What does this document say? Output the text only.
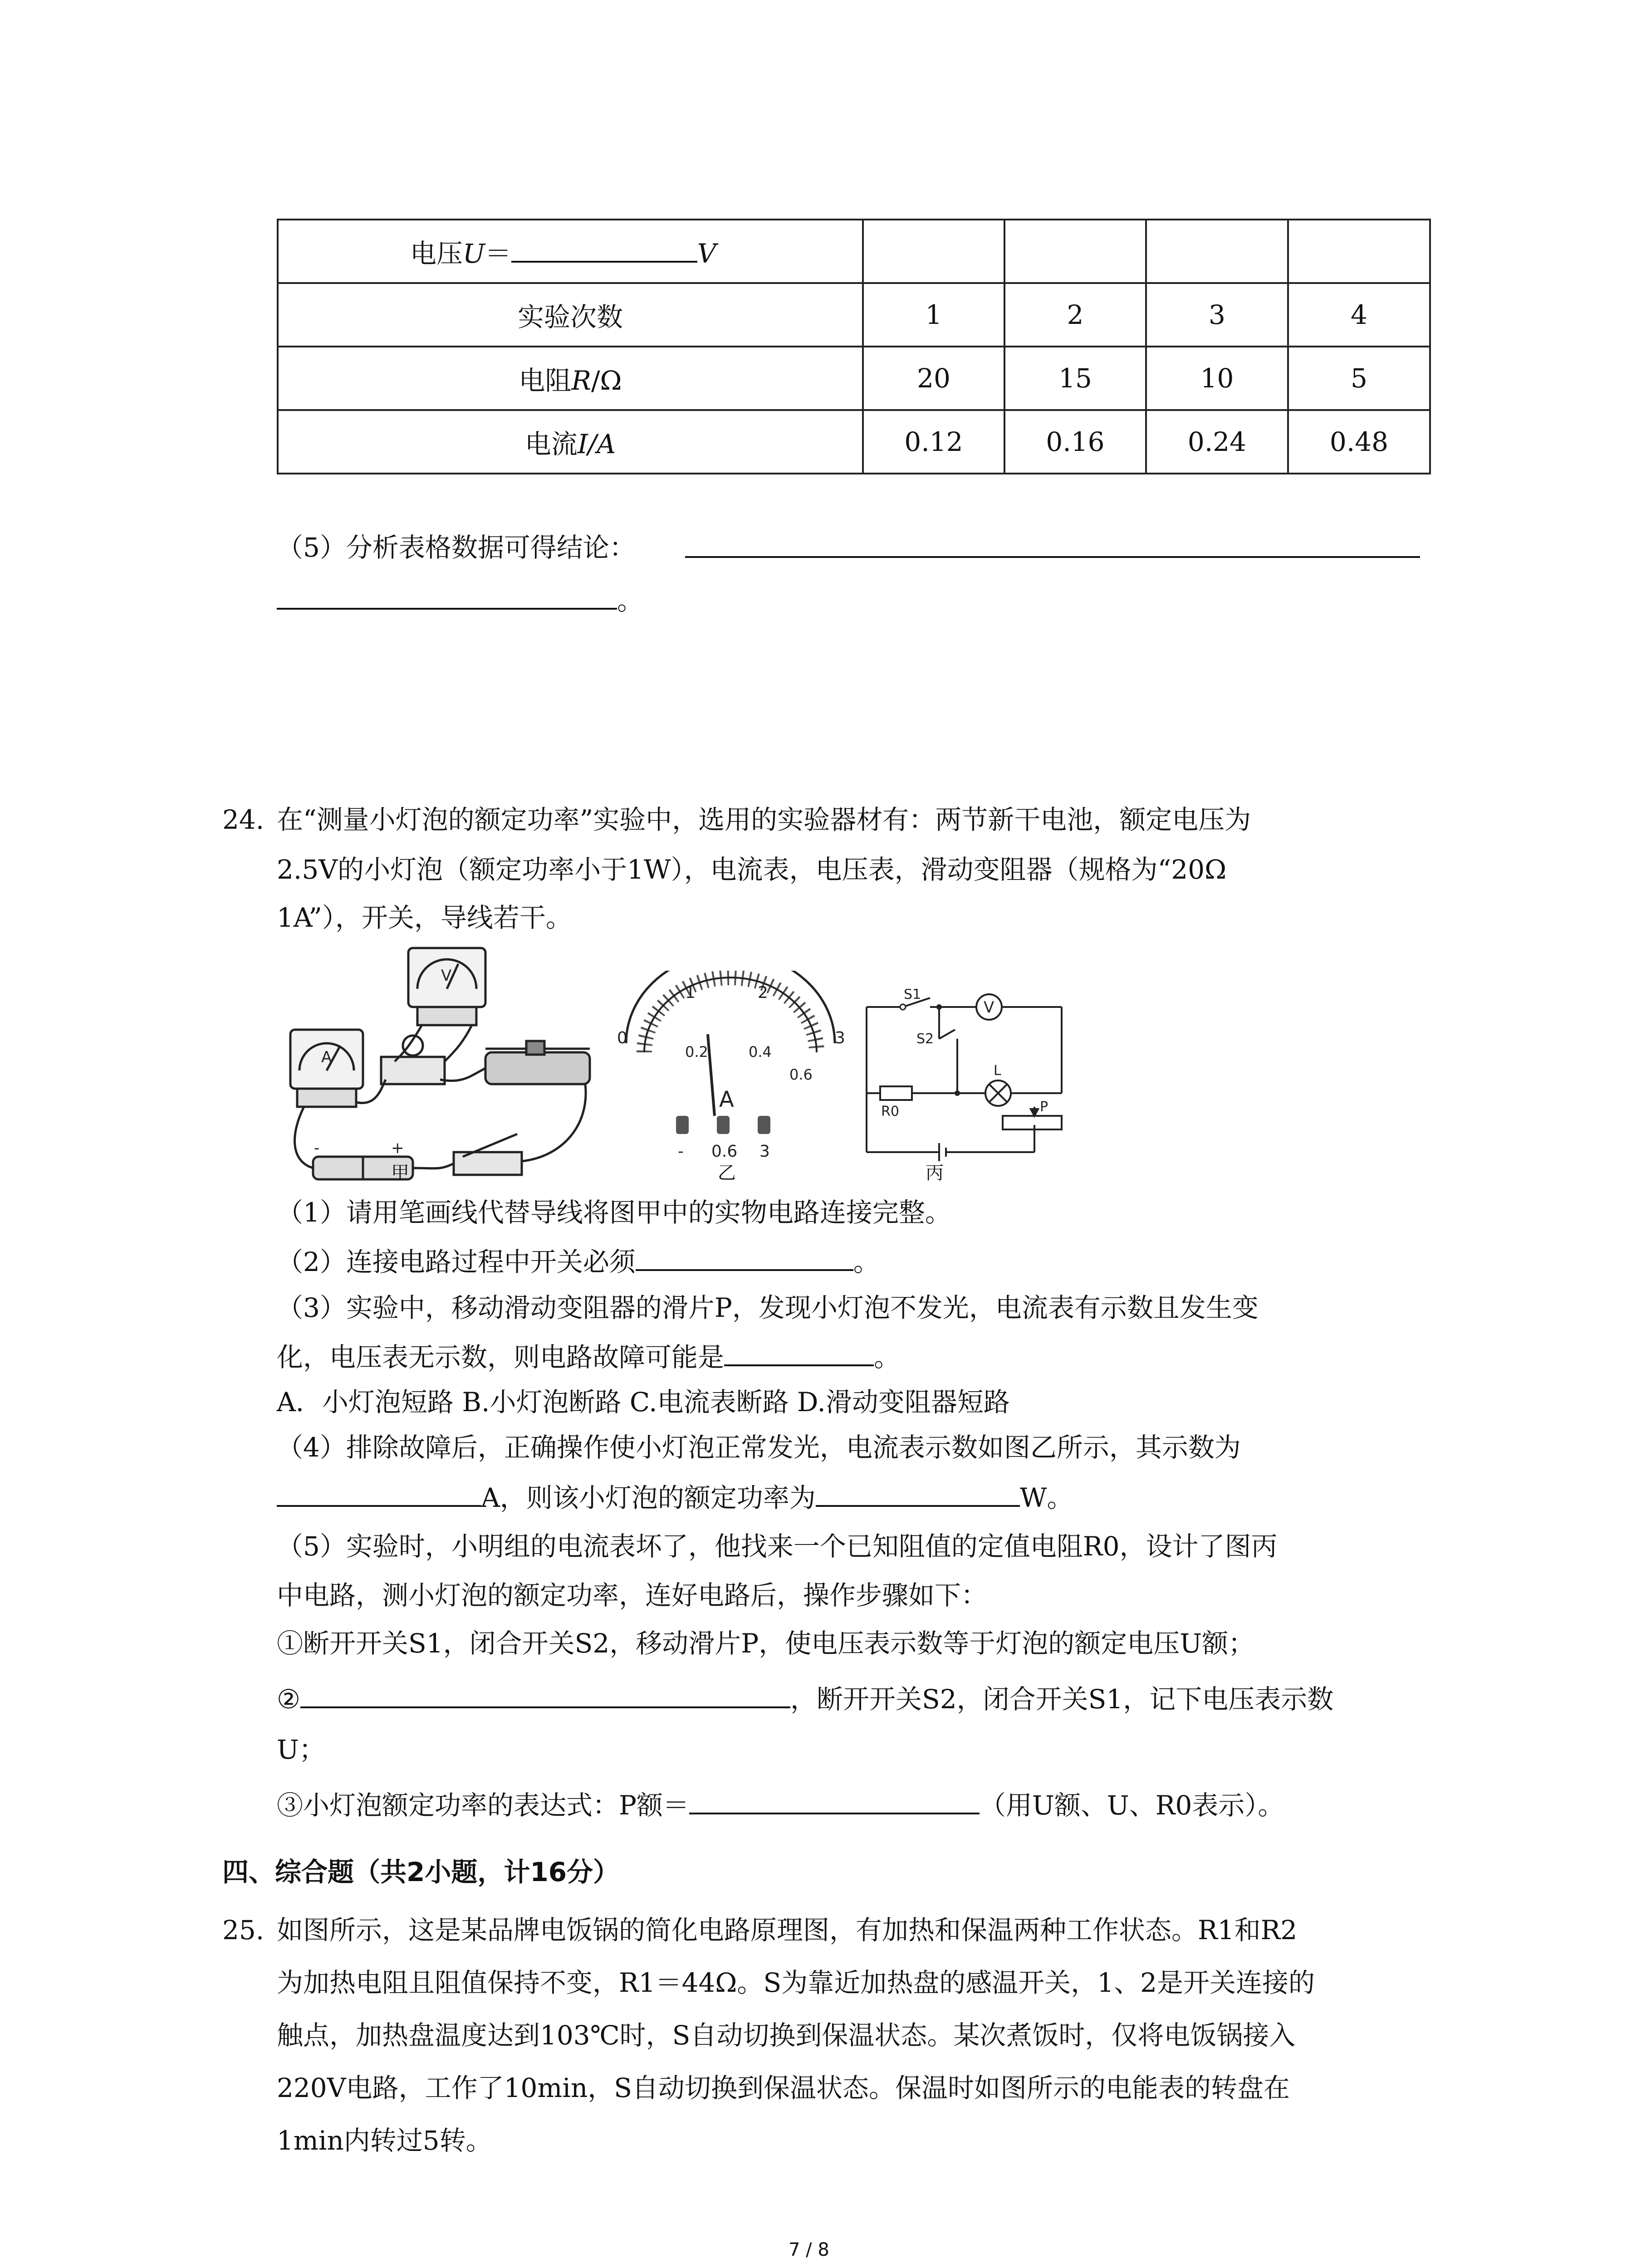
电压U＝ V				
实验次数	1	2	3	4
电阻R/Ω	20	15	10	5
电流I/A	0.12	0.16	0.24	0.48
（5）分析表格数据可得结论：
。
24. 在“测量小灯泡的额定功率”实验中，选用的实验器材有：两节新干电池，额定电压为
2.5V的小灯泡（额定功率小于1W），电流表，电压表，滑动变阻器（规格为“20Ω
1A”），开关，导线若干。
A
V
-	+
甲
0
1	2
3
0.2	0.4
0.6
A
- 0.6 3
乙
S1
S2
V
L
R0	P
丙
（1）请用笔画线代替导线将图甲中的实物电路连接完整。
（2）连接电路过程中开关必须	。
（3）实验中，移动滑动变阻器的滑片P，发现小灯泡不发光，电流表有示数且发生变
化，电压表无示数，则电路故障可能是	。
A．小灯泡短路 B.小灯泡断路 C.电流表断路 D.滑动变阻器短路
（4）排除故障后，正确操作使小灯泡正常发光，电流表示数如图乙所示，其示数为
A，则该小灯泡的额定功率为	W。
（5）实验时，小明组的电流表坏了，他找来一个已知阻值的定值电阻R0，设计了图丙
中电路，测小灯泡的额定功率，连好电路后，操作步骤如下：
①断开开关S1，闭合开关S2，移动滑片P，使电压表示数等于灯泡的额定电压U额；
②	，断开开关S2，闭合开关S1，记下电压表示数
U；
③小灯泡额定功率的表达式：P额＝	（用U额、U、R0表示）。
四、综合题（共2小题，计16分）
25. 如图所示，这是某品牌电饭锅的简化电路原理图，有加热和保温两种工作状态。R1和R2
为加热电阻且阻值保持不变，R1＝44Ω。S为靠近加热盘的感温开关，1、2是开关连接的
触点，加热盘温度达到103℃时，S自动切换到保温状态。某次煮饭时，仅将电饭锅接入
220V电路，工作了10min，S自动切换到保温状态。保温时如图所示的电能表的转盘在
1min内转过5转。
7 / 8
